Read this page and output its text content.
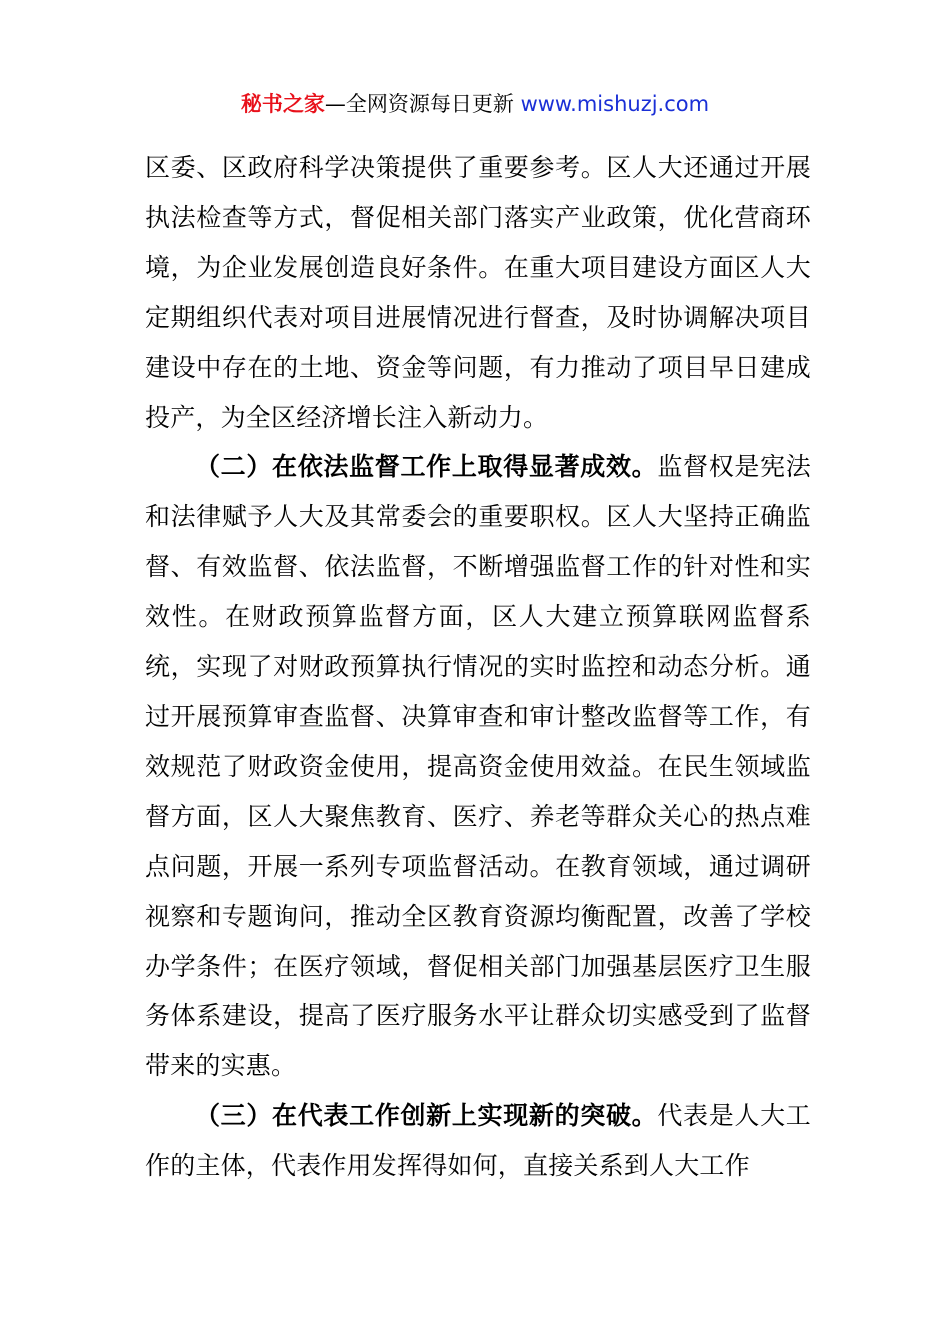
秘书之家—全网资源每日更新 www.mishuzj.com

区委、区政府科学决策提供了重要参考。区人大还通过开展执法检查等方式，督促相关部门落实产业政策，优化营商环境，为企业发展创造良好条件。在重大项目建设方面区人大定期组织代表对项目进展情况进行督查，及时协调解决项目建设中存在的土地、资金等问题，有力推动了项目早日建成投产，为全区经济增长注入新动力。

（二）在依法监督工作上取得显著成效。监督权是宪法和法律赋予人大及其常委会的重要职权。区人大坚持正确监督、有效监督、依法监督，不断增强监督工作的针对性和实效性。在财政预算监督方面，区人大建立预算联网监督系统，实现了对财政预算执行情况的实时监控和动态分析。通过开展预算审查监督、决算审查和审计整改监督等工作，有效规范了财政资金使用，提高资金使用效益。在民生领域监督方面，区人大聚焦教育、医疗、养老等群众关心的热点难点问题，开展一系列专项监督活动。在教育领域，通过调研视察和专题询问，推动全区教育资源均衡配置，改善了学校办学条件；在医疗领域，督促相关部门加强基层医疗卫生服务体系建设，提高了医疗服务水平让群众切实感受到了监督带来的实惠。

（三）在代表工作创新上实现新的突破。代表是人大工作的主体，代表作用发挥得如何，直接关系到人大工作
